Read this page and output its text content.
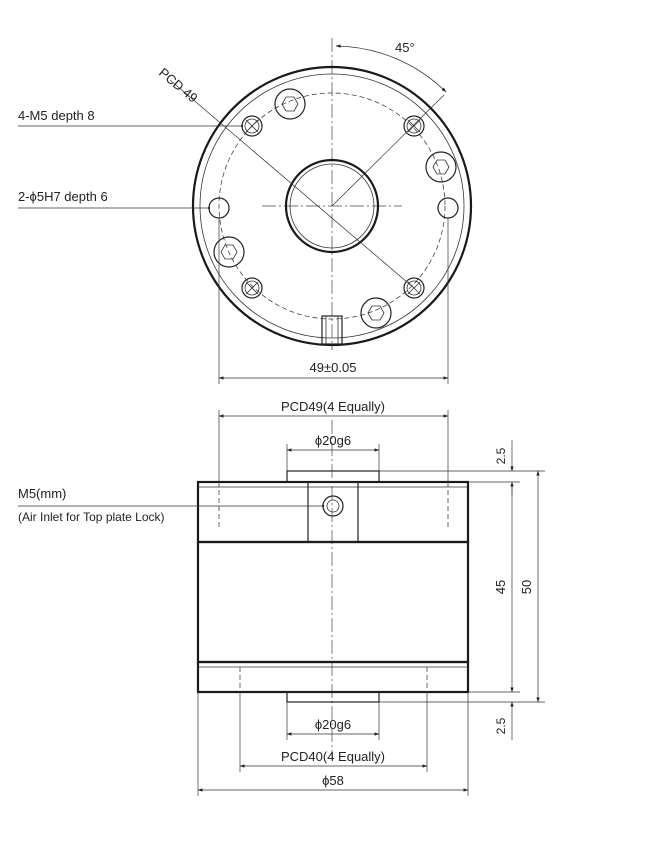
45°
PCD 49
4-M5 depth 8
2-ϕ5H7 depth 6
49±0.05
PCD49(4 Equally)
ϕ20g6
M5(mm)
(Air Inlet for Top plate Lock)
2.5
45 50
2.5
ϕ20g6
PCD40(4 Equally)
ϕ58
